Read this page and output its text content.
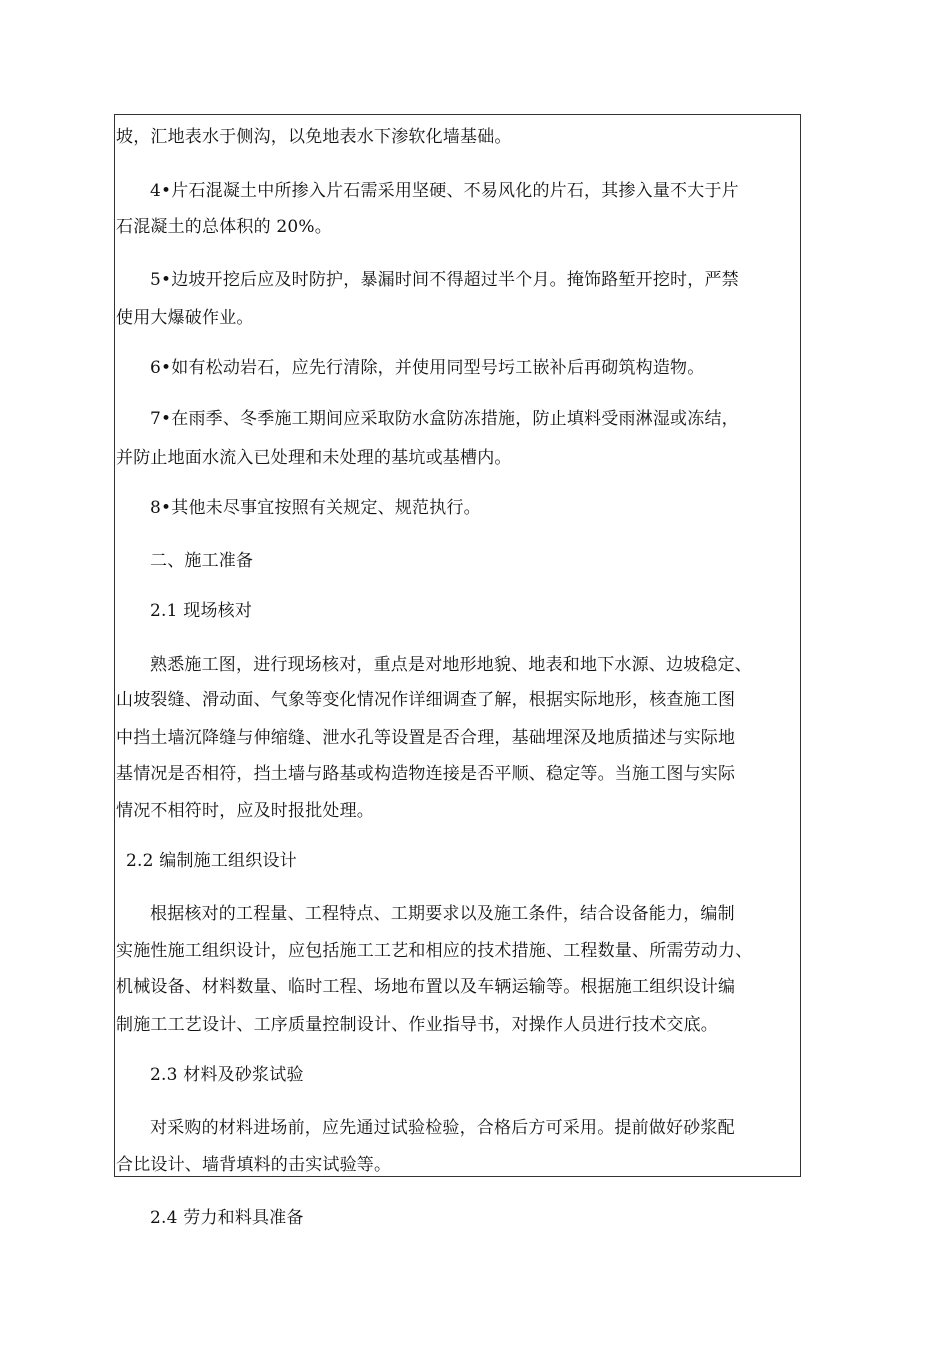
坡，汇地表水于侧沟，以免地表水下渗软化墙基础。
4•片石混凝土中所掺入片石需采用坚硬、不易风化的片石，其掺入量不大于片
石混凝土的总体积的 20%。
5•边坡开挖后应及时防护，暴漏时间不得超过半个月。掩饰路堑开挖时，严禁
使用大爆破作业。
6•如有松动岩石，应先行清除，并使用同型号圬工嵌补后再砌筑构造物。
7•在雨季、冬季施工期间应采取防水盒防冻措施，防止填料受雨淋湿或冻结，
并防止地面水流入已处理和未处理的基坑或基槽内。
8•其他未尽事宜按照有关规定、规范执行。
二、施工准备
2.1 现场核对
熟悉施工图，进行现场核对，重点是对地形地貌、地表和地下水源、边坡稳定、
山坡裂缝、滑动面、气象等变化情况作详细调查了解，根据实际地形，核查施工图
中挡土墙沉降缝与伸缩缝、泄水孔等设置是否合理，基础埋深及地质描述与实际地
基情况是否相符，挡土墙与路基或构造物连接是否平顺、稳定等。当施工图与实际
情况不相符时，应及时报批处理。
2.2 编制施工组织设计
根据核对的工程量、工程特点、工期要求以及施工条件，结合设备能力，编制
实施性施工组织设计，应包括施工工艺和相应的技术措施、工程数量、所需劳动力、
机械设备、材料数量、临时工程、场地布置以及车辆运输等。根据施工组织设计编
制施工工艺设计、工序质量控制设计、作业指导书，对操作人员进行技术交底。
2.3 材料及砂浆试验
对采购的材料进场前，应先通过试验检验，合格后方可采用。提前做好砂浆配
合比设计、墙背填料的击实试验等。
2.4 劳力和料具准备
